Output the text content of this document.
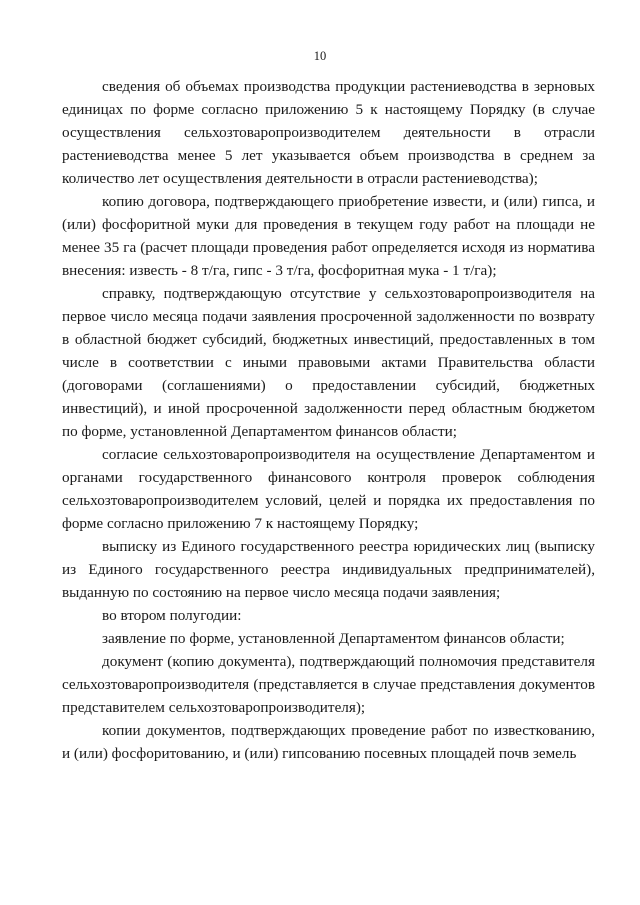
10

сведения об объемах производства продукции растениеводства в зерновых единицах по форме согласно приложению 5 к настоящему Порядку (в случае осуществления сельхозтоваропроизводителем деятельности в отрасли растениеводства менее 5 лет указывается объем производства в среднем за количество лет осуществления деятельности в отрасли растениеводства);

копию договора, подтверждающего приобретение извести, и (или) гипса, и (или) фосфоритной муки для проведения в текущем году работ на площади не менее 35 га (расчет площади проведения работ определяется исходя из норматива внесения: известь - 8 т/га, гипс - 3 т/га, фосфоритная мука - 1 т/га);

справку, подтверждающую отсутствие у сельхозтоваропроизводителя на первое число месяца подачи заявления просроченной задолженности по возврату в областной бюджет субсидий, бюджетных инвестиций, предоставленных в том числе в соответствии с иными правовыми актами Правительства области (договорами (соглашениями) о предоставлении субсидий, бюджетных инвестиций), и иной просроченной задолженности перед областным бюджетом по форме, установленной Департаментом финансов области;

согласие сельхозтоваропроизводителя на осуществление Департаментом и органами государственного финансового контроля проверок соблюдения сельхозтоваропроизводителем условий, целей и порядка их предоставления по форме согласно приложению 7 к настоящему Порядку;

выписку из Единого государственного реестра юридических лиц (выписку из Единого государственного реестра индивидуальных предпринимателей), выданную по состоянию на первое число месяца подачи заявления;

во втором полугодии:

заявление по форме, установленной Департаментом финансов области;

документ (копию документа), подтверждающий полномочия представителя сельхозтоваропроизводителя (представляется в случае представления документов представителем сельхозтоваропроизводителя);

копии документов, подтверждающих проведение работ по известкованию, и (или) фосфоритованию, и (или) гипсованию посевных площадей почв земель
